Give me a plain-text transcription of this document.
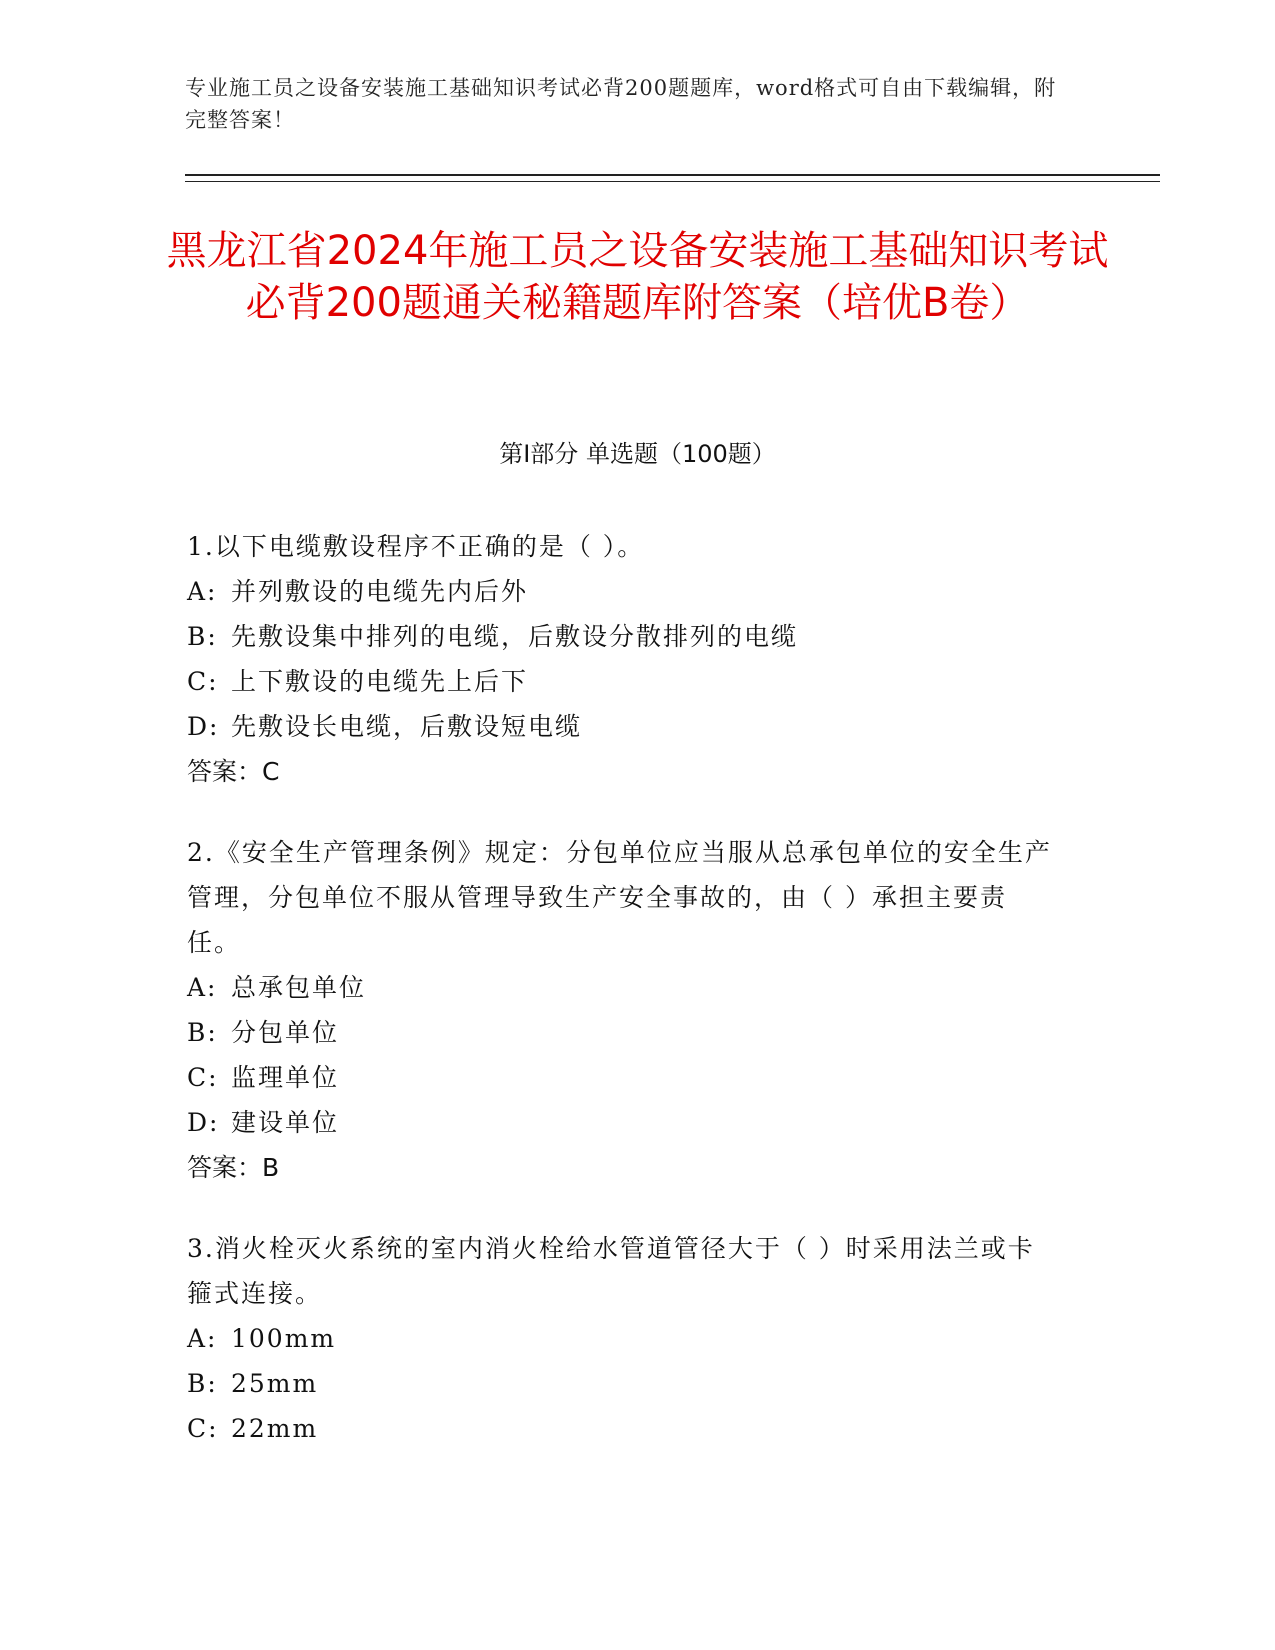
专业施工员之设备安装施工基础知识考试必背200题题库，word格式可自由下载编辑，附完整答案！
黑龙江省2024年施工员之设备安装施工基础知识考试必背200题通关秘籍题库附答案（培优B卷）
第Ⅰ部分 单选题（100题）

1.以下电缆敷设程序不正确的是（ ）。

A: 并列敷设的电缆先内后外

B: 先敷设集中排列的电缆，后敷设分散排列的电缆

C: 上下敷设的电缆先上后下

D: 先敷设长电缆，后敷设短电缆

答案：C

2.《安全生产管理条例》规定：分包单位应当服从总承包单位的安全生产管理，分包单位不服从管理导致生产安全事故的，由（ ）承担主要责任。

A: 总承包单位

B: 分包单位

C: 监理单位

D: 建设单位

答案：B

3.消火栓灭火系统的室内消火栓给水管道管径大于（ ）时采用法兰或卡箍式连接。

A: 100mm

B: 25mm

C: 22mm
